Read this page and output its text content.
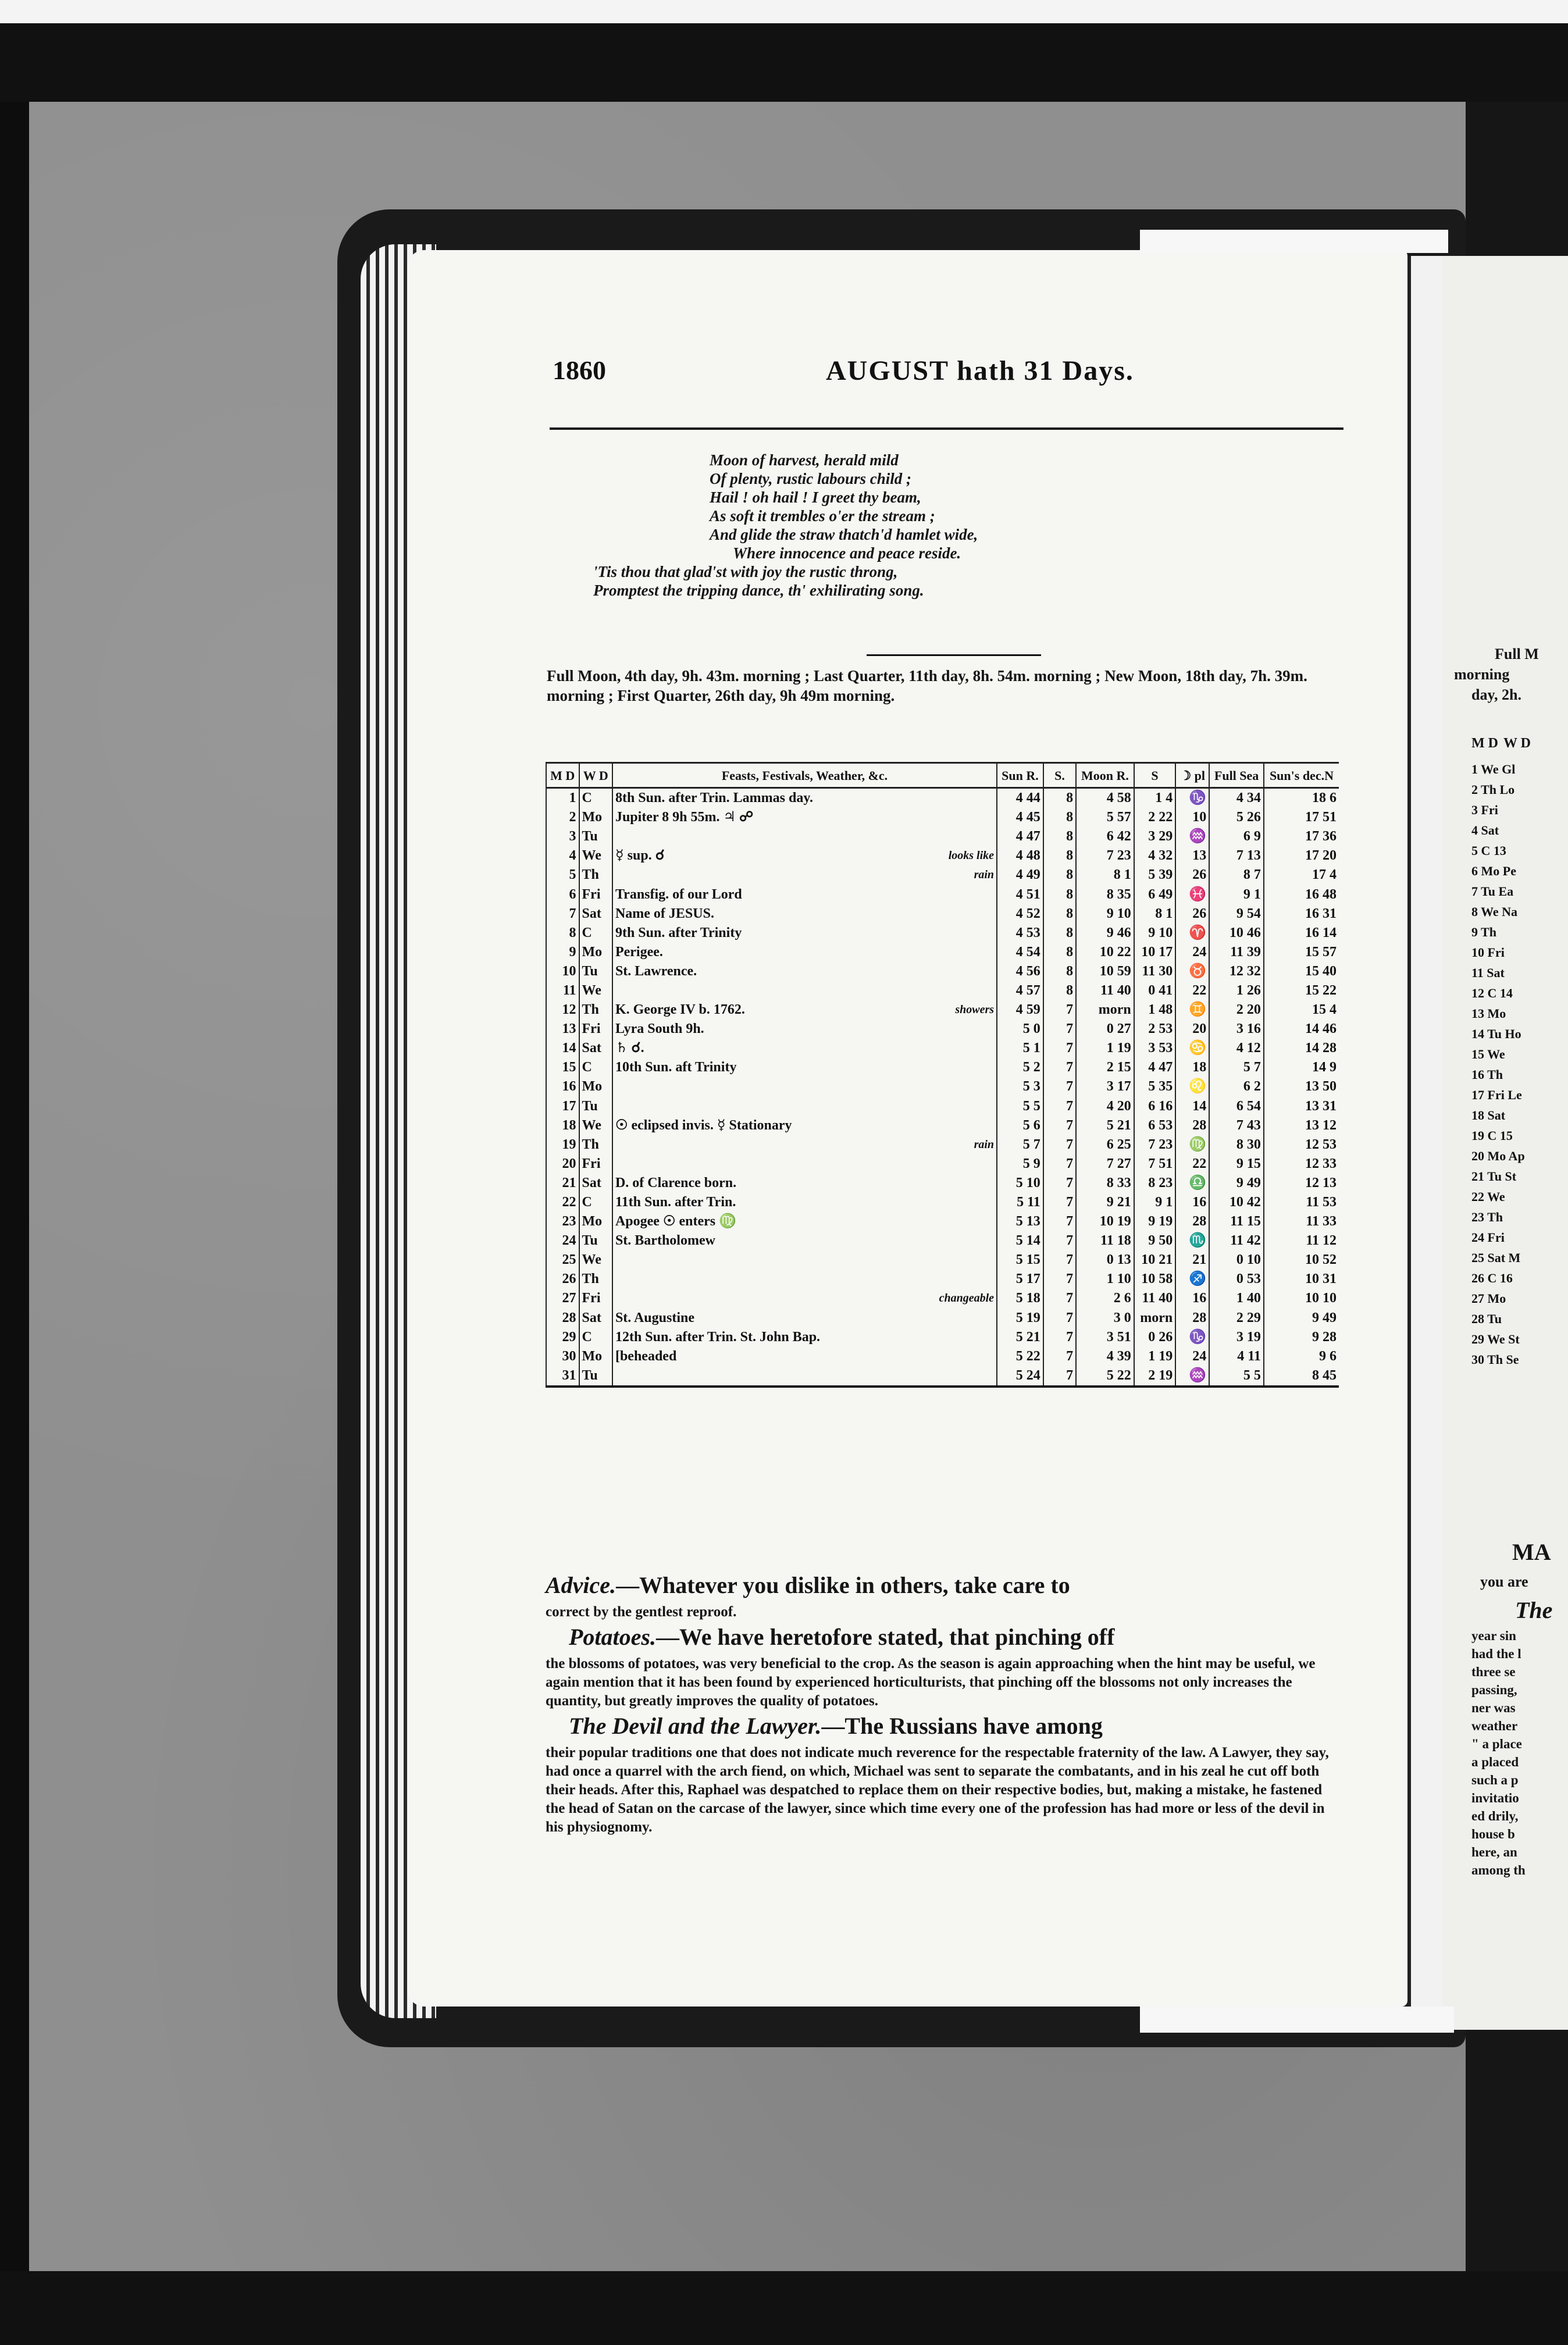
1860	AUGUST hath 31 Days.
Moon of harvest, herald mild
Of plenty, rustic labours child ;
Hail ! oh hail ! I greet thy beam,
As soft it trembles o'er the stream ;
And glide the straw thatch'd hamlet wide,
Where innocence and peace reside.
'Tis thou that glad'st with joy the rustic throng,
Promptest the tripping dance, th' exhilirating song.
Full Moon, 4th day, 9h. 43m. morning ; Last Quarter, 11th day, 8h. 54m. morning ; New Moon, 18th day, 7h. 39m. morning ; First Quarter, 26th day, 9h 49m morning.
M D	W D	Feasts, Festivals, Weather, &c.	Sun R.	S.	Moon R.	S	☽ pl	Full Sea	Sun's dec.N
1	C	8th Sun. after Trin. Lammas day.	4 44	8	4 58	1 4	♑	4 34	18 6
2	Mo	Jupiter 8 9h 55m. ♃ ☍	4 45	8	5 57	2 22	10	5 26	17 51
3	Tu		4 47	8	6 42	3 29	♒	6 9	17 36
4	We	☿ sup. ☌ looks like	4 48	8	7 23	4 32	13	7 13	17 20
5	Th	rain	4 49	8	8 1	5 39	26	8 7	17 4
6	Fri	Transfig. of our Lord	4 51	8	8 35	6 49	♓	9 1	16 48
7	Sat	Name of JESUS.	4 52	8	9 10	8 1	26	9 54	16 31
8	C	9th Sun. after Trinity	4 53	8	9 46	9 10	♈	10 46	16 14
9	Mo	Perigee.	4 54	8	10 22	10 17	24	11 39	15 57
10	Tu	St. Lawrence.	4 56	8	10 59	11 30	♉	12 32	15 40
11	We		4 57	8	11 40	0 41	22	1 26	15 22
12	Th	K. George IV b. 1762. showers	4 59	7	morn	1 48	♊	2 20	15 4
13	Fri	Lyra South 9h.	5 0	7	0 27	2 53	20	3 16	14 46
14	Sat	♄ ☌.	5 1	7	1 19	3 53	♋	4 12	14 28
15	C	10th Sun. aft Trinity	5 2	7	2 15	4 47	18	5 7	14 9
16	Mo		5 3	7	3 17	5 35	♌	6 2	13 50
17	Tu		5 5	7	4 20	6 16	14	6 54	13 31
18	We	☉ eclipsed invis. ☿ Stationary	5 6	7	5 21	6 53	28	7 43	13 12
19	Th	rain	5 7	7	6 25	7 23	♍	8 30	12 53
20	Fri		5 9	7	7 27	7 51	22	9 15	12 33
21	Sat	D. of Clarence born.	5 10	7	8 33	8 23	♎	9 49	12 13
22	C	11th Sun. after Trin.	5 11	7	9 21	9 1	16	10 42	11 53
23	Mo	Apogee ☉ enters ♍	5 13	7	10 19	9 19	28	11 15	11 33
24	Tu	St. Bartholomew	5 14	7	11 18	9 50	♏	11 42	11 12
25	We		5 15	7	0 13	10 21	21	0 10	10 52
26	Th		5 17	7	1 10	10 58	♐	0 53	10 31
27	Fri	changeable	5 18	7	2 6	11 40	16	1 40	10 10
28	Sat	St. Augustine	5 19	7	3 0	morn	28	2 29	9 49
29	C	12th Sun. after Trin. St. John Bap.	5 21	7	3 51	0 26	♑	3 19	9 28
30	Mo	[beheaded	5 22	7	4 39	1 19	24	4 11	9 6
31	Tu		5 24	7	5 22	2 19	♒	5 5	8 45
Advice.—Whatever you dislike in others, take care to
correct by the gentlest reproof.
Potatoes.—We have heretofore stated, that pinching off
the blossoms of potatoes, was very beneficial to the crop. As the season is again approaching when the hint may be useful, we again mention that it has been found by experienced horticulturists, that pinching off the blossoms not only increases the quantity, but greatly improves the quality of potatoes.
The Devil and the Lawyer.—The Russians have among
their popular traditions one that does not indicate much reverence for the respectable fraternity of the law. A Lawyer, they say, had once a quarrel with the arch fiend, on which, Michael was sent to separate the combatants, and in his zeal he cut off both their heads. After this, Raphael was despatched to replace them on their respective bodies, but, making a mistake, he fastened the head of Satan on the carcase of the lawyer, since which time every one of the profession has had more or less of the devil in his physiognomy.
Full M
morning
day, 2h.
M D W D
1 We Gl
2 Th Lo
3 Fri
4 Sat
5 C 13
6 Mo Pe
7 Tu Ea
8 We Na
9 Th
10 Fri
11 Sat
12 C 14
13 Mo
14 Tu Ho
15 We
16 Th
17 Fri Le
18 Sat
19 C 15
20 Mo Ap
21 Tu St
22 We
23 Th
24 Fri
25 Sat M
26 C 16
27 Mo
28 Tu
29 We St
30 Th Se
MA
you are
The
year sin
had the l
three se
passing,
ner was
weather
" a place
a placed
such a p
invitatio
ed drily,
house b
here, an
among th
